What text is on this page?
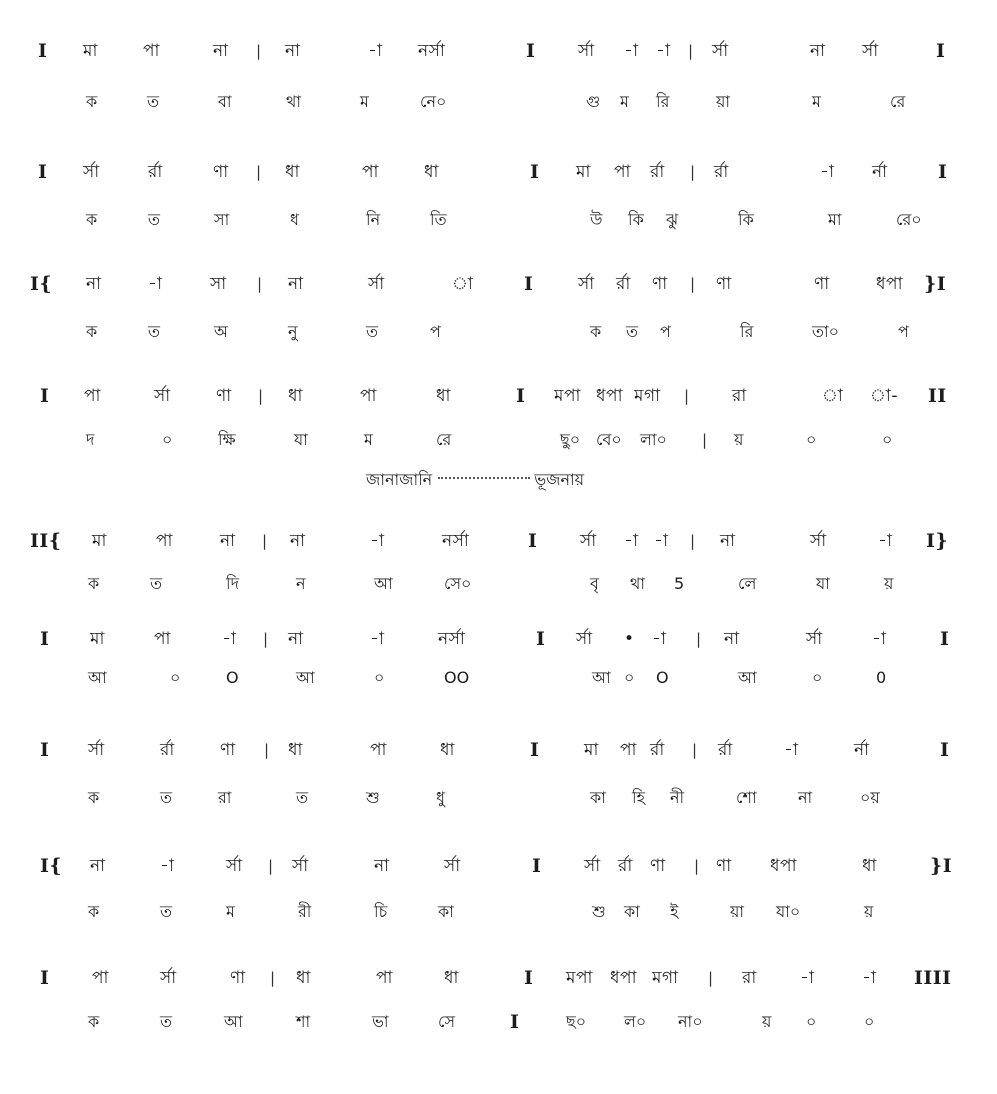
I মা	পা	না | না	-া নর্সা	I	র্সা -া -া | র্সা	না র্সা	I
ক	ত	বা	থা	ম	নে০	গু ম রি	য়া	ম	রে
I র্সা	র্রা	ণা | ধা	পা	ধা	I মা পা র্রা | র্রা	-া র্না	I
ক	ত	সা	ধ	নি	তি	উ কি ঝু	কি	মা	রে০
I{ না	-া	সা | না	র্সা	া	I	র্সা র্রা ণা | ণা	ণা	ধপা }I
ক	ত	অ	নু	ত	প	ক ত প	রি	তা০	প
I পা	র্সা	ণা | ধা	পা	ধা	I মপা ধপা মগা | রা	া া- II
দ	০	ক্ষি	যা	ম	রে	ছু০ বে০ লা০ | য়	০	০
জানাজানি	ভূজনায়
II{ মা	পা	না | না	-া	নর্সা	I	র্সা -া -া | না	র্সা	-া I}
ক	ত	দি	ন	আ	সে০	বৃ থা 5	লে	যা	য়
I মা	পা	-া | না	-া	নর্সা	I র্সা • -া | না	র্সা	-া	I
আ	০	O	আ	০	OO	আ ০ O	আ	০	0
I র্সা	র্রা	ণা | ধা	পা	ধা	I	মা পা র্রা | র্রা	-া	র্না	I
ক	ত	রা	ত	শু	ধু	কা হি নী	শো	না	০য়
I{ না	-া	র্সা | র্সা	না	র্সা	I	র্সা র্রা ণা | ণা ধপা	ধা	}I
ক	ত	ম	রী	চি	কা	শু কা ই	য়া যা০	য়
I	পা	র্সা	ণা | ধা	পা	ধা	I মপা ধপা মগা | রা	-া	-া IIII
ক	ত	আ	শা	ভা	সে	I	ছ০ ল০ না০	য় ০	০
